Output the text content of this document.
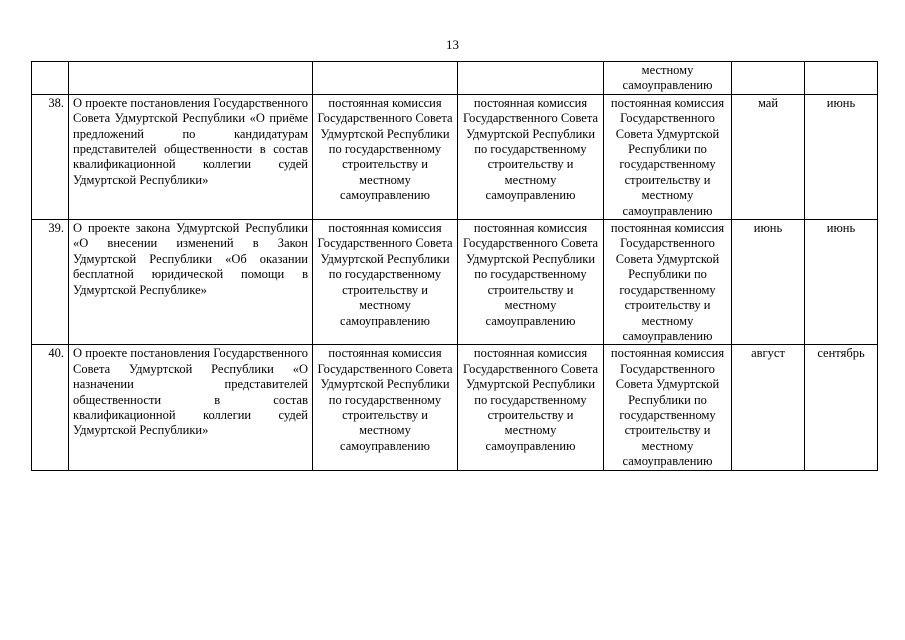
13
				местному самоуправлению		
38.	О проекте постановления Государственного Совета Удмуртской Республики «О приёме предложений по кандидатурам представителей общественности в состав квалификационной коллегии судей Удмуртской Республики»	постоянная комиссия Государственного Совета Удмуртской Республики по государственному строительству и местному самоуправлению	постоянная комиссия Государственного Совета Удмуртской Республики по государственному строительству и местному самоуправлению	постоянная комиссия Государственного Совета Удмуртской Республики по государственному строительству и местному самоуправлению	май	июнь
39.	О проекте закона Удмуртской Республики «О внесении изменений в Закон Удмуртской Республики «Об оказании бесплатной юридической помощи в Удмуртской Республике»	постоянная комиссия Государственного Совета Удмуртской Республики по государственному строительству и местному самоуправлению	постоянная комиссия Государственного Совета Удмуртской Республики по государственному строительству и местному самоуправлению	постоянная комиссия Государственного Совета Удмуртской Республики по государственному строительству и местному самоуправлению	июнь	июнь
40.	О проекте постановления Государственного Совета Удмуртской Республики «О назначении представителей общественности в состав квалификационной коллегии судей Удмуртской Республики»	постоянная комиссия Государственного Совета Удмуртской Республики по государственному строительству и местному самоуправлению	постоянная комиссия Государственного Совета Удмуртской Республики по государственному строительству и местному самоуправлению	постоянная комиссия Государственного Совета Удмуртской Республики по государственному строительству и местному самоуправлению	август	сентябрь
